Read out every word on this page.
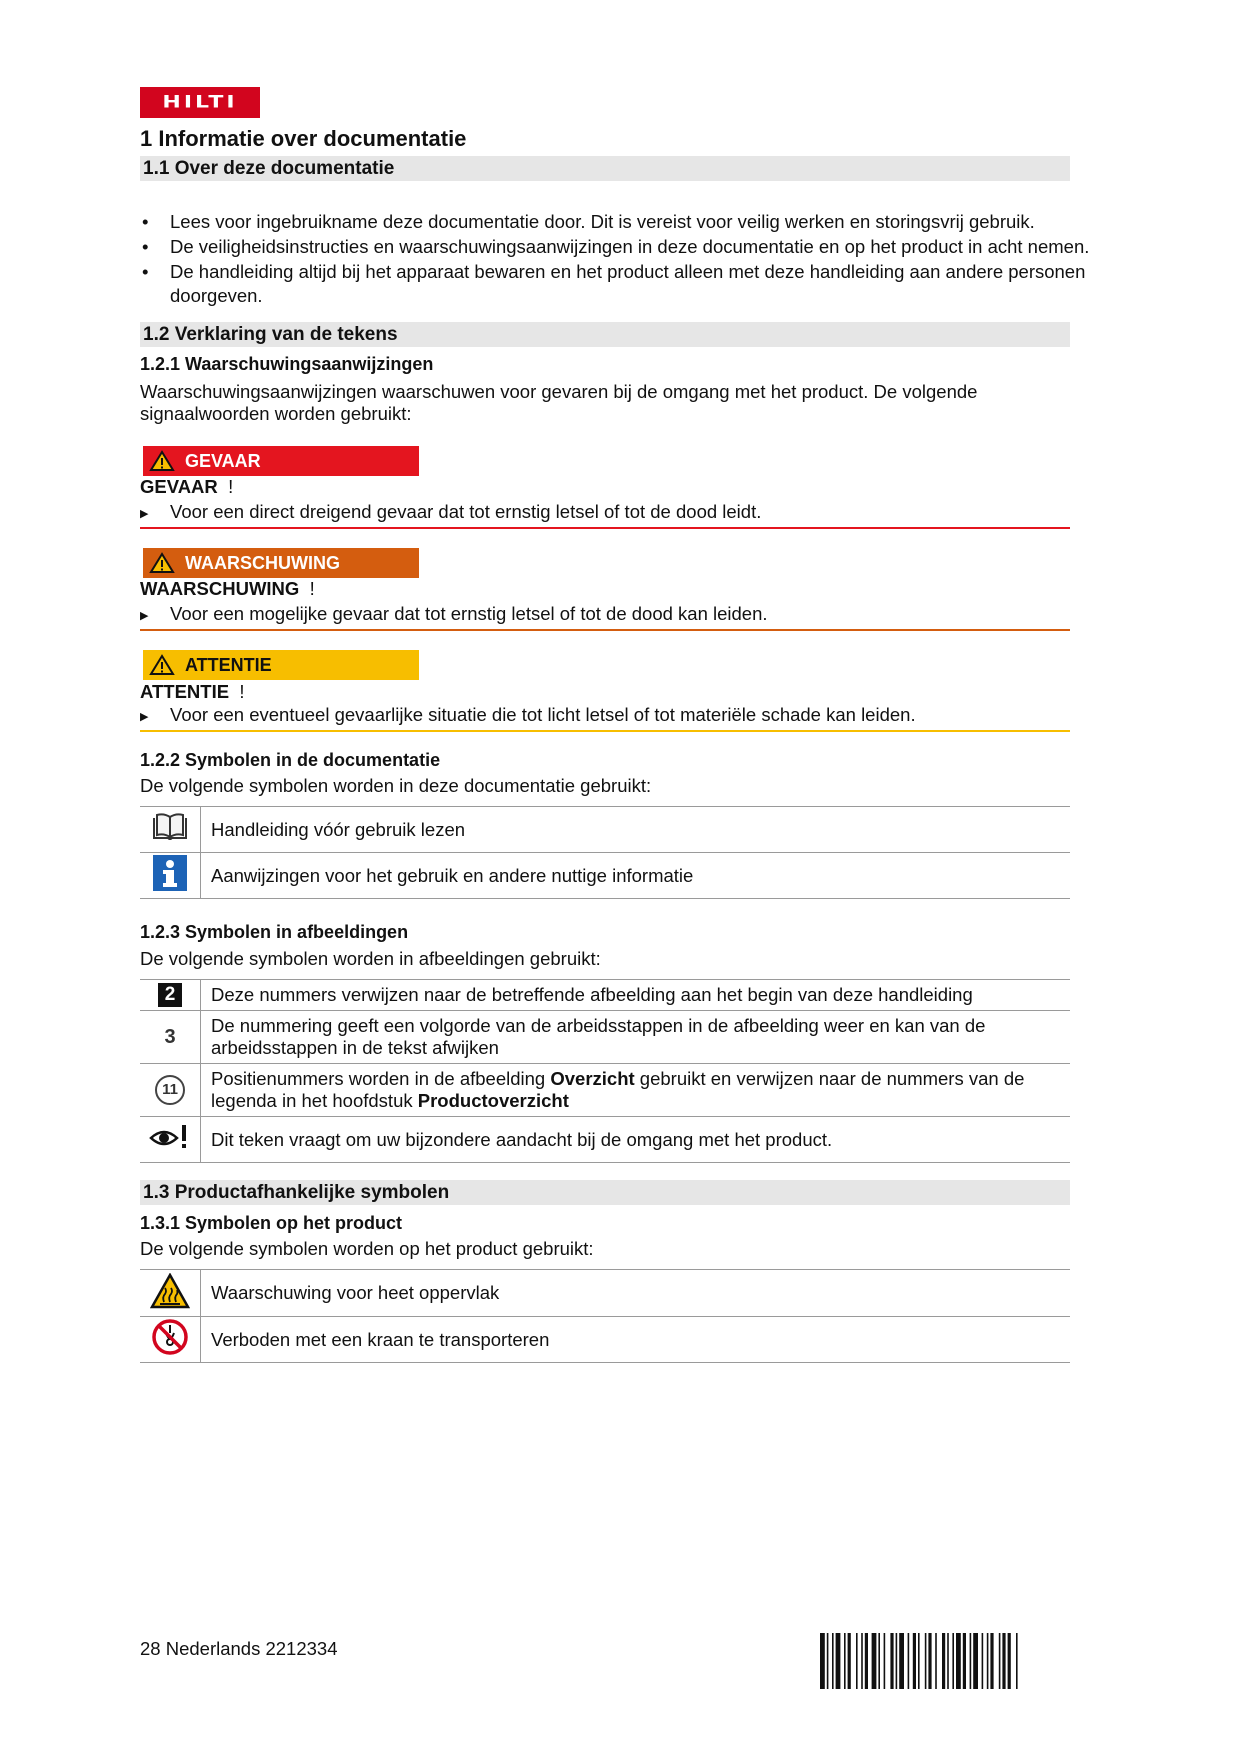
HILTI
1 Informatie over documentatie
1.1 Over deze documentatie
• Lees voor ingebruikname deze documentatie door. Dit is vereist voor veilig werken en storingsvrij gebruik.
• De veiligheidsinstructies en waarschuwingsaanwijzingen in deze documentatie en op het product in acht nemen.
• De handleiding altijd bij het apparaat bewaren en het product alleen met deze handleiding aan andere personen doorgeven.
1.2 Verklaring van de tekens
1.2.1 Waarschuwingsaanwijzingen
Waarschuwingsaanwijzingen waarschuwen voor gevaren bij de omgang met het product. De volgende signaalwoorden worden gebruikt:
GEVAAR
GEVAAR !
▶ Voor een direct dreigend gevaar dat tot ernstig letsel of tot de dood leidt.
WAARSCHUWING
WAARSCHUWING !
▶ Voor een mogelijke gevaar dat tot ernstig letsel of tot de dood kan leiden.
ATTENTIE
ATTENTIE !
▶ Voor een eventueel gevaarlijke situatie die tot licht letsel of tot materiële schade kan leiden.
1.2.2 Symbolen in de documentatie
De volgende symbolen worden in deze documentatie gebruikt:
	Handleiding vóór gebruik lezen
	Aanwijzingen voor het gebruik en andere nuttige informatie
1.2.3 Symbolen in afbeeldingen
De volgende symbolen worden in afbeeldingen gebruikt:
2	Deze nummers verwijzen naar de betreffende afbeelding aan het begin van deze handleiding
3	De nummering geeft een volgorde van de arbeidsstappen in de afbeelding weer en kan van de arbeidsstappen in de tekst afwijken
11	Positienummers worden in de afbeelding Overzicht gebruikt en verwijzen naar de nummers van de legenda in het hoofdstuk Productoverzicht
	Dit teken vraagt om uw bijzondere aandacht bij de omgang met het product.
1.3 Productafhankelijke symbolen
1.3.1 Symbolen op het product
De volgende symbolen worden op het product gebruikt:
	Waarschuwing voor heet oppervlak
	Verboden met een kraan te transporteren
28 Nederlands 2212334
